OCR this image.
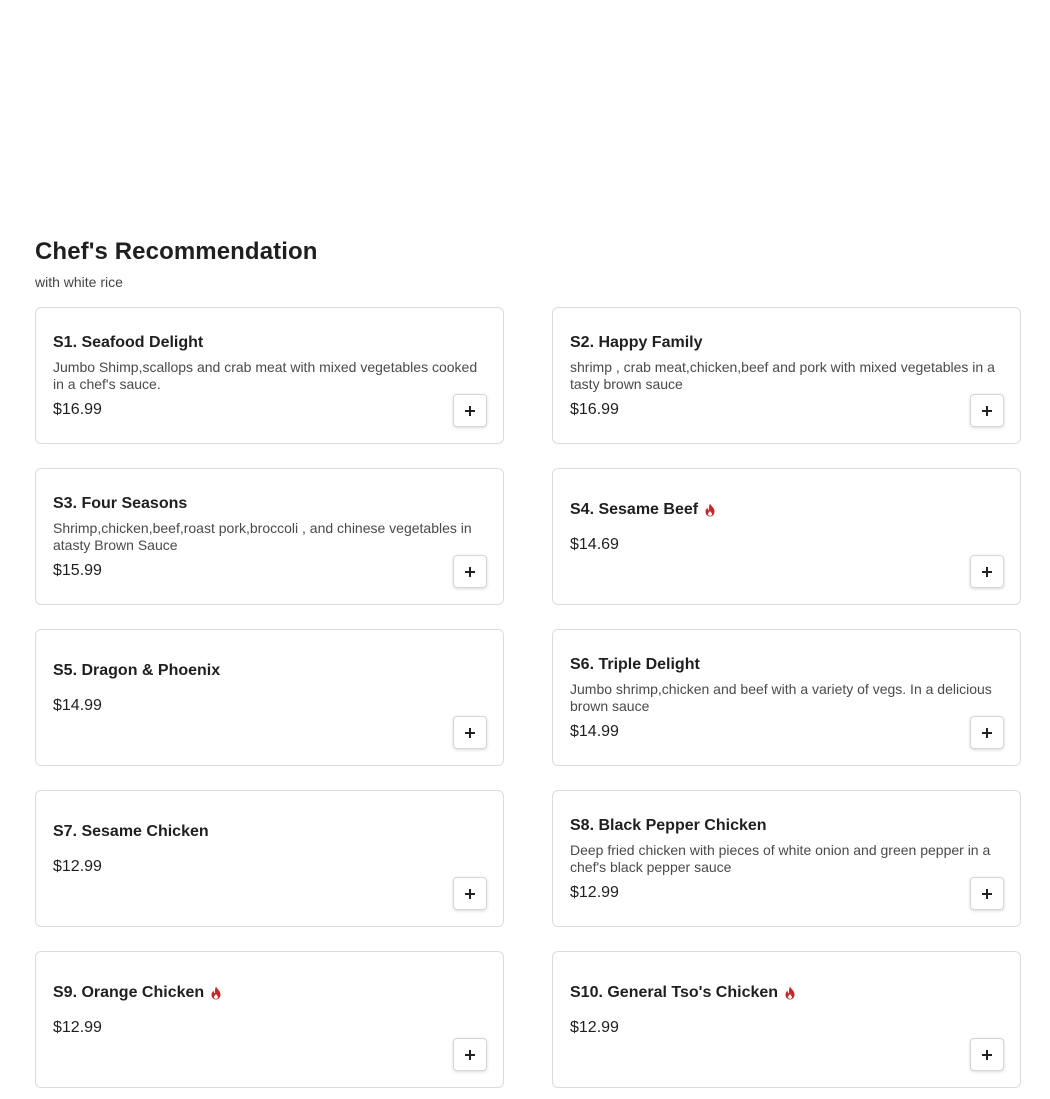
Chef's Recommendation
with white rice
S1. Seafood Delight
Jumbo Shimp,scallops and crab meat with mixed vegetables cooked in a chef's sauce.
$16.99
S2. Happy Family
shrimp , crab meat,chicken,beef and pork with mixed vegetables in a tasty brown sauce
$16.99
S3. Four Seasons
Shrimp,chicken,beef,roast pork,broccoli , and chinese vegetables in atasty Brown Sauce
$15.99
S4. Sesame Beef
$14.69
S5. Dragon & Phoenix
$14.99
S6. Triple Delight
Jumbo shrimp,chicken and beef with a variety of vegs. In a delicious brown sauce
$14.99
S7. Sesame Chicken
$12.99
S8. Black Pepper Chicken
Deep fried chicken with pieces of white onion and green pepper in a chef's black pepper sauce
$12.99
S9. Orange Chicken
$12.99
S10. General Tso's Chicken
$12.99
